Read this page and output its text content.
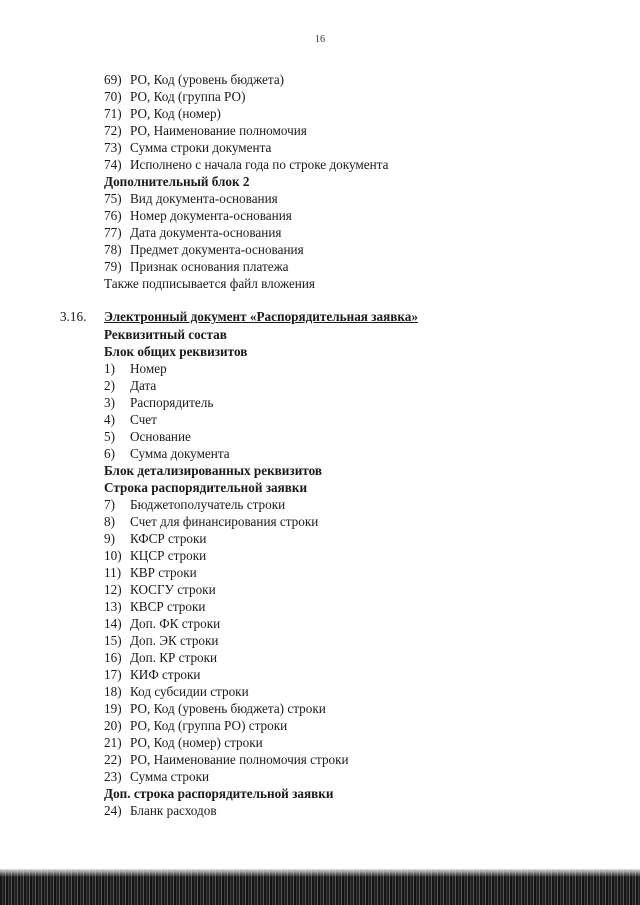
16
3.16. Электронный документ «Распорядительная заявка»
69) РО, Код (уровень бюджета)
70) РО, Код (группа РО)
71) РО, Код (номер)
72) РО, Наименование полномочия
73) Сумма строки документа
74) Исполнено с начала года по строке документа
Дополнительный блок 2
75) Вид документа-основания
76) Номер документа-основания
77) Дата документа-основания
78) Предмет документа-основания
79) Признак основания платежа
Также подписывается файл вложения
Реквизитный состав
Блок общих реквизитов
1) Номер
2) Дата
3) Распорядитель
4) Счет
5) Основание
6) Сумма документа
Блок детализированных реквизитов
Строка распорядительной заявки
7) Бюджетополучатель строки
8) Счет для финансирования строки
9) КФСР строки
10) КЦСР строки
11) КВР строки
12) КОСГУ строки
13) КВСР строки
14) Доп. ФК строки
15) Доп. ЭК строки
16) Доп. КР строки
17) КИФ строки
18) Код субсидии строки
19) РО, Код (уровень бюджета) строки
20) РО, Код (группа РО) строки
21) РО, Код (номер) строки
22) РО, Наименование полномочия строки
23) Сумма строки
Доп. строка распорядительной заявки
24) Бланк расходов
